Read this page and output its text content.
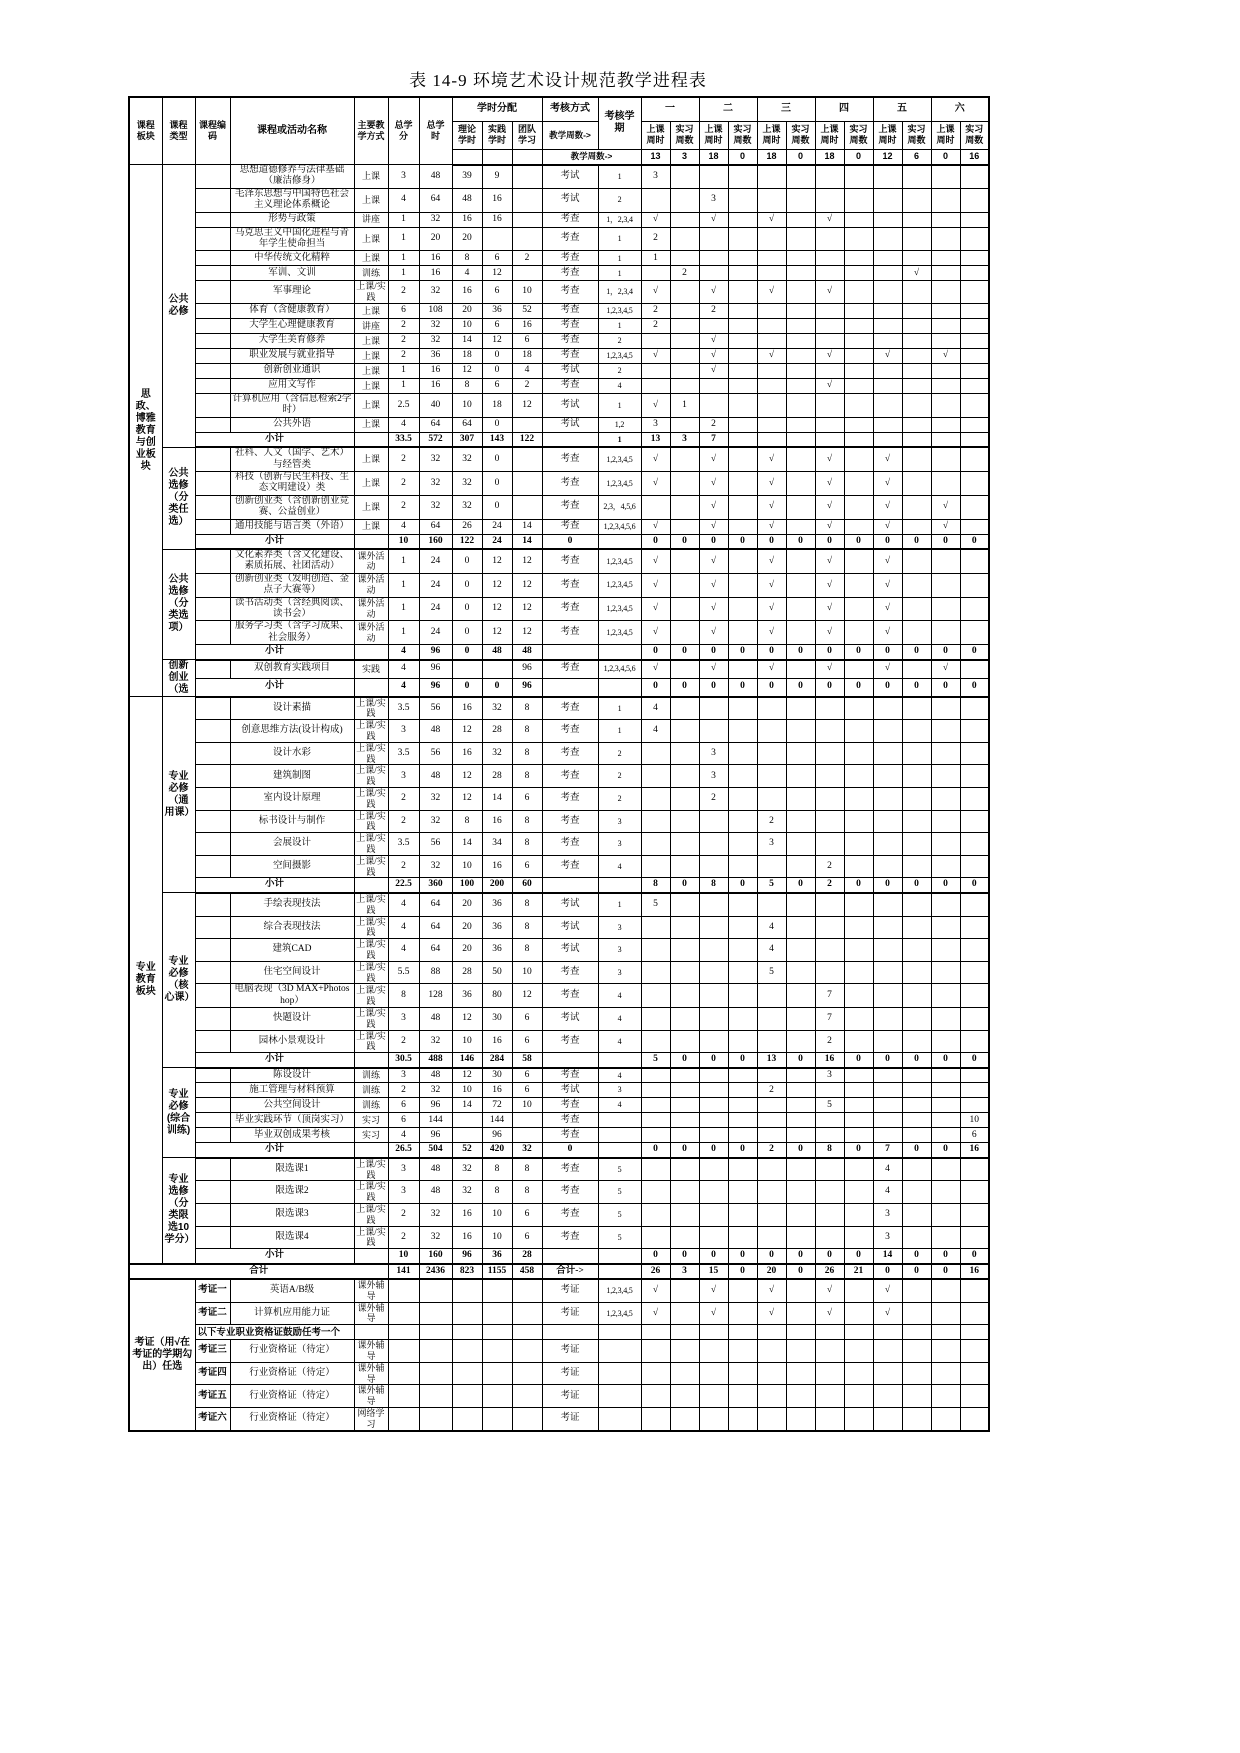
表 14-9 环境艺术设计规范教学进程表
课程板块	课程类型	课程编码	课程或活动名称	主要教学方式	总学分	总学时	学时分配			考核方式	考核学期	一		二		三		四		五		六	
							理论学时	实践学时	团队学习	教学周数->		上课周时	实习周数	上课周时	实习周数	上课周时	实习周数	上课周时	实习周数	上课周时	实习周数	上课周时	实习周数
										教学周数->		13	3	18	0	18	0	18	0	12	6	0	16
思政、博雅教育与创业板块	公共必修		思想道德修养与法律基础（廉洁修身）	上课	3	48	39	9		考试	1	3											
			毛泽东思想与中国特色社会主义理论体系概论	上课	4	64	48	16		考试	2			3									
			形势与政策	讲座	1	32	16	16		考查	1，2,3,4	√		√		√		√					
			马克思主义中国化进程与青年学生使命担当	上课	1	20	20			考查	1	2											
			中华传统文化精粹	上课	1	16	8	6	2	考查	1	1											
			军训、文训	训练	1	16	4	12		考查	1		2								√		
			军事理论	上课/实践	2	32	16	6	10	考查	1，2,3,4	√		√		√		√					
			体育（含健康教育）	上课	6	108	20	36	52	考查	1,2,3,4,5	2		2									
			大学生心理健康教育	讲座	2	32	10	6	16	考查	1	2											
			大学生美育修养	上课	2	32	14	12	6	考查	2			√									
			职业发展与就业指导	上课	2	36	18	0	18	考查	1,2,3,4,5	√		√		√		√		√		√	
			创新创业通识	上课	1	16	12	0	4	考试	2			√									
			应用文写作	上课	1	16	8	6	2	考查	4							√					
			计算机应用（含信息检索2学时）	上课	2.5	40	10	18	12	考试	1	√	1										
			公共外语	上课	4	64	64	0		考试	1,2	3		2									
		小计			33.5	572	307	143	122		1	13	3	7									
	公共选修（分类任选）		社科、人文（国学、艺术）与经管类	上课	2	32	32	0		考查	1,2,3,4,5	√		√		√		√		√			
			科技（创新与民生科技、生态文明建设）类	上课	2	32	32	0		考查	1,2,3,4,5	√		√		√		√		√			
			创新创业类（含创新创业竞赛、公益创业）	上课	2	32	32	0		考查	2,3，4,5,6			√		√		√		√		√	
			通用技能与语言类（外语）	上课	4	64	26	24	14	考查	1,2,3,4,5,6	√		√		√		√		√		√	
		小计			10	160	122	24	14	0		0	0	0	0	0	0	0	0	0	0	0	0
	公共选修（分类选项）		文化素养类（含文化建设、素质拓展、社团活动）	课外活动	1	24	0	12	12	考查	1,2,3,4,5	√		√		√		√		√			
			创新创业类（发明创造、金点子大赛等）	课外活动	1	24	0	12	12	考查	1,2,3,4,5	√		√		√		√		√			
			读书活动类（含经典阅读、读书会）	课外活动	1	24	0	12	12	考查	1,2,3,4,5	√		√		√		√		√			
			服务学习类（含学习成果、社会服务）	课外活动	1	24	0	12	12	考查	1,2,3,4,5	√		√		√		√		√			
		小计			4	96	0	48	48			0	0	0	0	0	0	0	0	0	0	0	0
	创新创业（选		双创教育实践项目	实践	4	96			96	考查	1,2,3,4,5,6	√		√		√		√		√		√	
		小计			4	96	0	0	96			0	0	0	0	0	0	0	0	0	0	0	0
专业教育板块	专业必修（通用课）		设计素描	上课/实践	3.5	56	16	32	8	考查	1	4											
			创意思维方法(设计构成)	上课/实践	3	48	12	28	8	考查	1	4											
			设计水彩	上课/实践	3.5	56	16	32	8	考查	2			3									
			建筑制图	上课/实践	3	48	12	28	8	考查	2			3									
			室内设计原理	上课/实践	2	32	12	14	6	考查	2			2									
			标书设计与制作	上课/实践	2	32	8	16	8	考查	3					2							
			会展设计	上课/实践	3.5	56	14	34	8	考查	3					3							
			空间摄影	上课/实践	2	32	10	16	6	考查	4							2					
		小计			22.5	360	100	200	60			8	0	8	0	5	0	2	0	0	0	0	0
	专业必修（核心课）		手绘表现技法	上课/实践	4	64	20	36	8	考试	1	5											
			综合表现技法	上课/实践	4	64	20	36	8	考试	3					4							
			建筑CAD	上课/实践	4	64	20	36	8	考试	3					4							
			住宅空间设计	上课/实践	5.5	88	28	50	10	考查	3					5							
			电脑表现（3D MAX+Photoshop）	上课/实践	8	128	36	80	12	考查	4							7					
			快题设计	上课/实践	3	48	12	30	6	考试	4							7					
			园林小景观设计	上课/实践	2	32	10	16	6	考查	4							2					
		小计			30.5	488	146	284	58			5	0	0	0	13	0	16	0	0	0	0	0
	专业必修(综合训练)		陈设设计	训练	3	48	12	30	6	考查	4							3					
			施工管理与材料预算	训练	2	32	10	16	6	考试	3					2							
			公共空间设计	训练	6	96	14	72	10	考查	4							5					
			毕业实践环节（顶岗实习）	实习	6	144		144		考查													10
			毕业双创成果考核	实习	4	96		96		考查													6
		小计			26.5	504	52	420	32	0		0	0	0	0	2	0	8	0	7	0	0	16
	专业选修（分类限选10学分）		限选课1	上课/实践	3	48	32	8	8	考查	5									4			
			限选课2	上课/实践	3	48	32	8	8	考查	5									4			
			限选课3	上课/实践	2	32	16	10	6	考查	5									3			
			限选课4	上课/实践	2	32	16	10	6	考查	5									3			
		小计			10	160	96	36	28			0	0	0	0	0	0	0	0	14	0	0	0
合计					141	2436	823	1155	458	合计->		26	3	15	0	20	0	26	21	0	0	0	16
考证（用√在考证的学期勾出）任选		考证一	英语A/B级	课外辅导						考证	1,2,3,4,5	√		√		√		√		√			
		考证二	计算机应用能力证	课外辅导						考证	1,2,3,4,5	√		√		√		√		√			
		以下专业职业资格证鼓励任考一个																					
		考证三	行业资格证（待定）	课外辅导						考证													
		考证四	行业资格证（待定）	课外辅导						考证													
		考证五	行业资格证（待定）	课外辅导						考证													
		考证六	行业资格证（待定）	网络学习						考证													
